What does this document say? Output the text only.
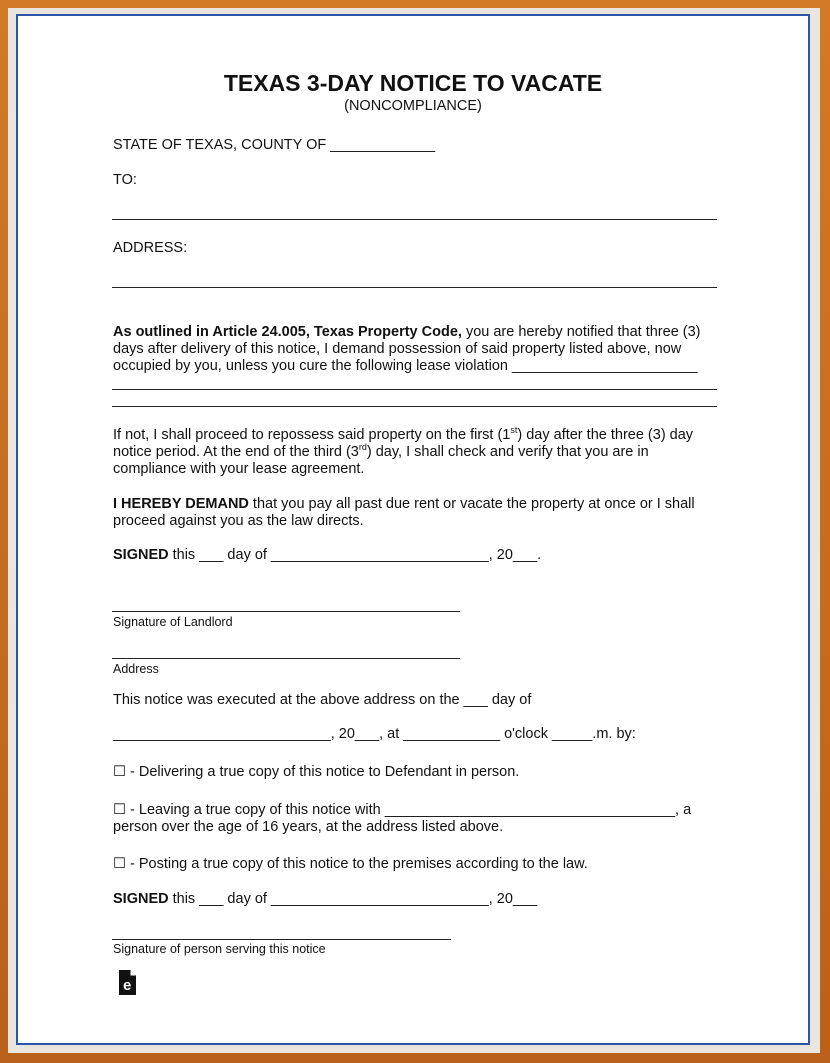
TEXAS 3-DAY NOTICE TO VACATE
(NONCOMPLIANCE)
STATE OF TEXAS, COUNTY OF _____________
TO:
ADDRESS:
As outlined in Article 24.005, Texas Property Code, you are hereby notified that three (3) days after delivery of this notice, I demand possession of said property listed above, now occupied by you, unless you cure the following lease violation _______________________
If not, I shall proceed to repossess said property on the first (1st) day after the three (3) day notice period. At the end of the third (3rd) day, I shall check and verify that you are in compliance with your lease agreement.
I HEREBY DEMAND that you pay all past due rent or vacate the property at once or I shall proceed against you as the law directs.
SIGNED this ___ day of ___________________________, 20___.
Signature of Landlord
Address
This notice was executed at the above address on the ___ day of
___________________________, 20___, at ____________ o'clock _____.m. by:
☐ - Delivering a true copy of this notice to Defendant in person.
☐ - Leaving a true copy of this notice with ____________________________________, a person over the age of 16 years, at the address listed above.
☐ - Posting a true copy of this notice to the premises according to the law.
SIGNED this ___ day of ___________________________, 20___
Signature of person serving this notice
e
